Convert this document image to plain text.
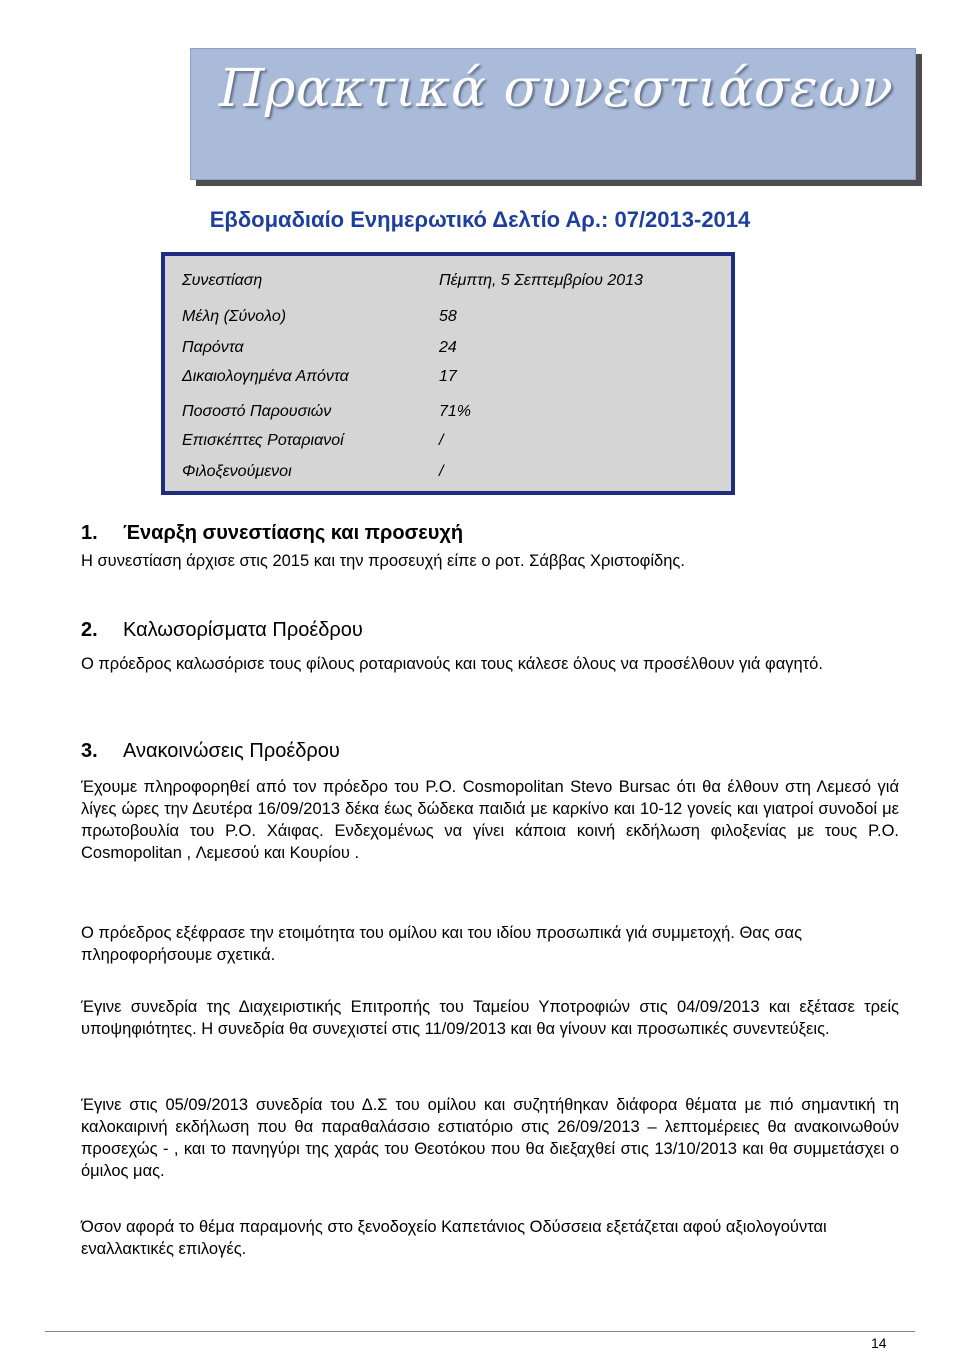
Πρακτικά συνεστιάσεων
Εβδομαδιαίο Ενημερωτικό Δελτίο Αρ.: 07/2013-2014
Συνεστίαση	Πέμπτη, 5 Σεπτεμβρίου 2013
Μέλη (Σύνολο)	58
Παρόντα	24
Δικαιολογημένα Απόντα	17
Ποσοστό Παρουσιών	71%
Επισκέπτες Ροταριανοί	/
Φιλοξενούμενοι	/
1. Έναρξη συνεστίασης και προσευχή
Η συνεστίαση άρχισε στις 2015 και την προσευχή είπε ο ροτ. Σάββας Χριστοφίδης.
2. Καλωσορίσματα Προέδρου
Ο πρόεδρος καλωσόρισε τους φίλους ροταριανούς και τους κάλεσε όλους να προσέλθουν γιά φαγητό.
3. Ανακοινώσεις Προέδρου
Έχουμε πληροφορηθεί από τον πρόεδρο του Ρ.Ο. Cosmopolitan Stevo Bursac ότι θα έλθουν στη Λεμεσό γιά λίγες ώρες την Δευτέρα 16/09/2013 δέκα έως δώδεκα παιδιά με καρκίνο και 10-12 γονείς και γιατροί συνοδοί με πρωτοβουλία του Ρ.Ο. Χάιφας. Ενδεχομένως να γίνει κάποια κοινή εκδήλωση φιλοξενίας με τους Ρ.Ο. Cosmopolitan , Λεμεσού και Κουρίου .
Ο πρόεδρος εξέφρασε την ετοιμότητα του ομίλου και του ιδίου προσωπικά γιά συμμετοχή. Θας σας πληροφορήσουμε σχετικά.
Έγινε συνεδρία της Διαχειριστικής Επιτροπής του Ταμείου Υποτροφιών στις 04/09/2013 και εξέτασε τρείς υποψηφιότητες. Η συνεδρία θα συνεχιστεί στις 11/09/2013 και θα γίνουν και προσωπικές συνεντεύξεις.
Έγινε στις 05/09/2013 συνεδρία του Δ.Σ του ομίλου και συζητήθηκαν διάφορα θέματα με πιό σημαντική τη καλοκαιρινή εκδήλωση που θα παραθαλάσσιο εστιατόριο στις 26/09/2013 – λεπτομέρειες θα ανακοινωθούν προσεχώς - , και το πανηγύρι της χαράς του Θεοτόκου που θα διεξαχθεί στις 13/10/2013 και θα συμμετάσχει ο όμιλος μας.
Όσον αφορά το θέμα παραμονής στο ξενοδοχείο Καπετάνιος Οδύσσεια εξετάζεται αφού αξιολογούνται εναλλακτικές επιλογές.
14
